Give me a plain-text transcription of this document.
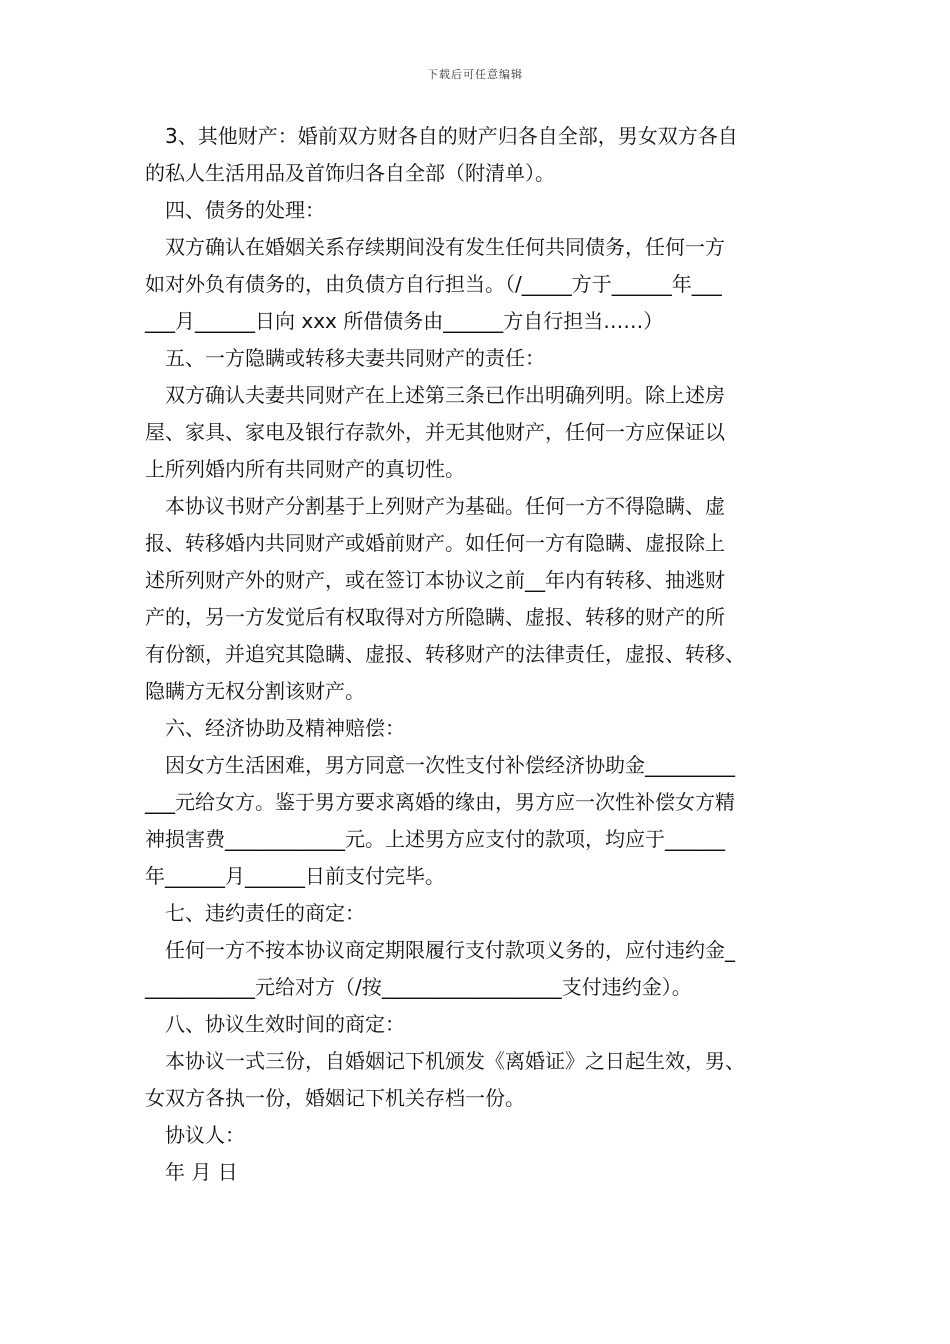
下载后可任意编辑
3、其他财产：婚前双方财各自的财产归各自全部，男女双方各自
的私人生活用品及首饰归各自全部（附清单）。
四、债务的处理：
双方确认在婚姻关系存续期间没有发生任何共同债务，任何一方
如对外负有债务的，由负债方自行担当。（/_____方于______年___
___月______日向 xxx 所借债务由______方自行担当……）
五、一方隐瞒或转移夫妻共同财产的责任：
双方确认夫妻共同财产在上述第三条已作出明确列明。除上述房
屋、家具、家电及银行存款外，并无其他财产，任何一方应保证以
上所列婚内所有共同财产的真切性。
本协议书财产分割基于上列财产为基础。任何一方不得隐瞒、虚
报、转移婚内共同财产或婚前财产。如任何一方有隐瞒、虚报除上
述所列财产外的财产，或在签订本协议之前__年内有转移、抽逃财
产的，另一方发觉后有权取得对方所隐瞒、虚报、转移的财产的所
有份额，并追究其隐瞒、虚报、转移财产的法律责任，虚报、转移、
隐瞒方无权分割该财产。
六、经济协助及精神赔偿：
因女方生活困难，男方同意一次性支付补偿经济协助金_________
___元给女方。鉴于男方要求离婚的缘由，男方应一次性补偿女方精
神损害费____________元。上述男方应支付的款项，均应于______
年______月______日前支付完毕。
七、违约责任的商定：
任何一方不按本协议商定期限履行支付款项义务的，应付违约金_
___________元给对方（/按__________________支付违约金）。
八、协议生效时间的商定：
本协议一式三份，自婚姻记下机颁发《离婚证》之日起生效，男、
女双方各执一份，婚姻记下机关存档一份。
协议人：
年 月 日
